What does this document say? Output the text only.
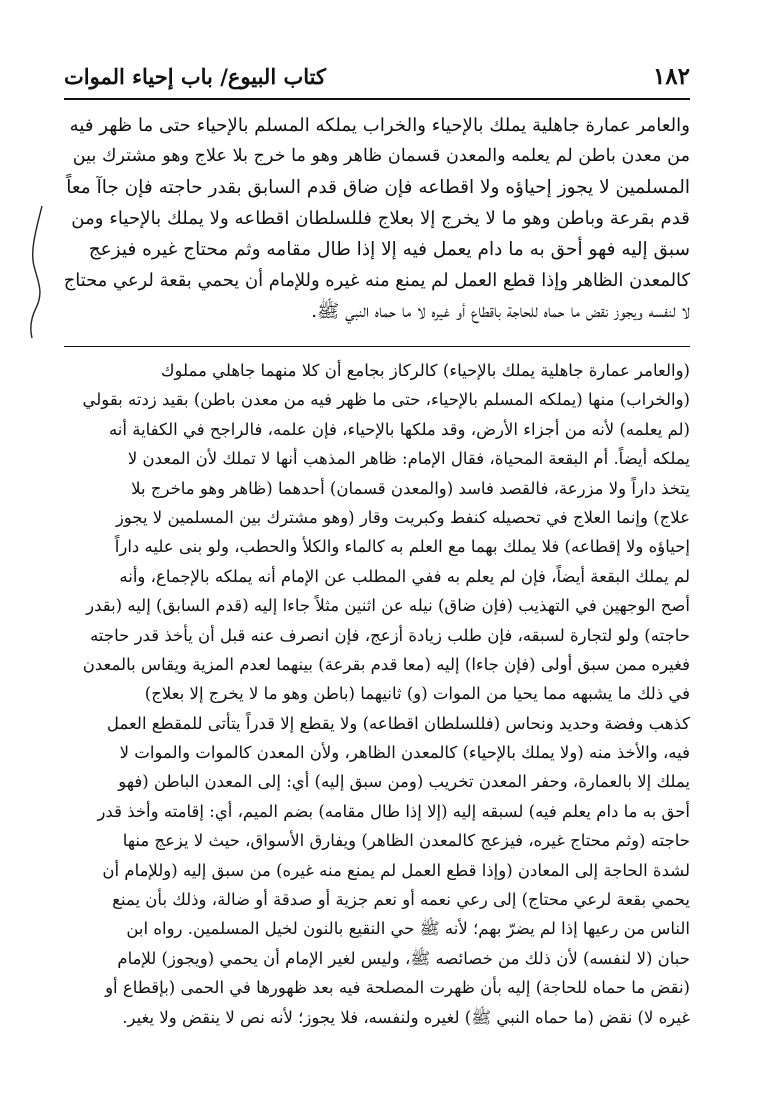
١٨٢
كتاب البيوع/ باب إحياء الموات
والعامر عمارة جاهلية يملك بالإحياء والخراب يملكه المسلم بالإحياء حتى ما ظهر فيه
من معدن باطن لم يعلمه والمعدن قسمان ظاهر وهو ما خرج بلا علاج وهو مشترك بين
المسلمين لا يجوز إحياؤه ولا اقطاعه فإن ضاق قدم السابق بقدر حاجته فإن جاآ معاً
قدم بقرعة وباطن وهو ما لا يخرج إلا بعلاج فللسلطان اقطاعه ولا يملك بالإحياء ومن
سبق إليه فهو أحق به ما دام يعمل فيه إلا إذا طال مقامه وثم محتاج غيره فيزعج
كالمعدن الظاهر وإذا قطع العمل لم يمنع منه غيره وللإمام أن يحمي بقعة لرعي محتاج
لا لنفسه ويجوز نقض ما حماه للحاجة باقطاع أو غيره لا ما حماه النبي ﷺ.
(والعامر عمارة جاهلية يملك بالإحياء) كالركاز بجامع أن كلا منهما جاهلي مملوك
(والخراب) منها (يملكه المسلم بالإحياء، حتى ما ظهر فيه من معدن باطن) بقيد زدته بقولي
(لم يعلمه) لأنه من أجزاء الأرض، وقد ملكها بالإحياء، فإن علمه، فالراجح في الكفاية أنه
يملكه أيضاً. أم البقعة المحياة، فقال الإمام: ظاهر المذهب أنها لا تملك لأن المعدن لا
يتخذ داراً ولا مزرعة، فالقصد فاسد (والمعدن قسمان) أحدهما (ظاهر وهو ماخرج بلا
علاج) وإنما العلاج في تحصيله كنفط وكبريت وقار (وهو مشترك بين المسلمين لا يجوز
إحياؤه ولا إقطاعه) فلا يملك بهما مع العلم به كالماء والكلأ والحطب، ولو بنى عليه داراً
لم يملك البقعة أيضاً، فإن لم يعلم به ففي المطلب عن الإمام أنه يملكه بالإجماع، وأنه
أصح الوجهين في التهذيب (فإن ضاق) نيله عن اثنين مثلاً جاءا إليه (قدم السابق) إليه (بقدر
حاجته) ولو لتجارة لسبقه، فإن طلب زيادة أزعج، فإن انصرف عنه قبل أن يأخذ قدر حاجته
فغيره ممن سبق أولى (فإن جاءا) إليه (معا قدم بقرعة) بينهما لعدم المزية ويقاس بالمعدن
في ذلك ما يشبهه مما يحيا من الموات (و) ثانيهما (باطن وهو ما لا يخرج إلا بعلاج)
كذهب وفضة وحديد ونحاس (فللسلطان اقطاعه) ولا يقطع إلا قدراً يتأتى للمقطع العمل
فيه، والأخذ منه (ولا يملك بالإحياء) كالمعدن الظاهر، ولأن المعدن كالموات والموات لا
يملك إلا بالعمارة، وحفر المعدن تخريب (ومن سبق إليه) أي: إلى المعدن الباطن (فهو
أحق به ما دام يعلم فيه) لسبقه إليه (إلا إذا طال مقامه) بضم الميم، أي: إقامته وأخذ قدر
حاجته (وثم محتاج غيره، فيزعج كالمعدن الظاهر) ويفارق الأسواق، حيث لا يزعج منها
لشدة الحاجة إلى المعادن (وإذا قطع العمل لم يمنع منه غيره) من سبق إليه (وللإمام أن
يحمي بقعة لرعي محتاج) إلى رعي نعمه أو نعم جزية أو صدقة أو ضالة، وذلك بأن يمنع
الناس من رعيها إذا لم يضرّ بهم؛ لأنه ﷺ حي النقيع بالنون لخيل المسلمين. رواه ابن
حبان (لا لنفسه) لأن ذلك من خصائصه ﷺ، وليس لغير الإمام أن يحمي (ويجوز) للإمام
(نقض ما حماه للحاجة) إليه بأن ظهرت المصلحة فيه بعد ظهورها في الحمى (بإقطاع أو
غيره لا) نقض (ما حماه النبي ﷺ) لغيره ولنفسه، فلا يجوز؛ لأنه نص لا ينقض ولا يغير.
